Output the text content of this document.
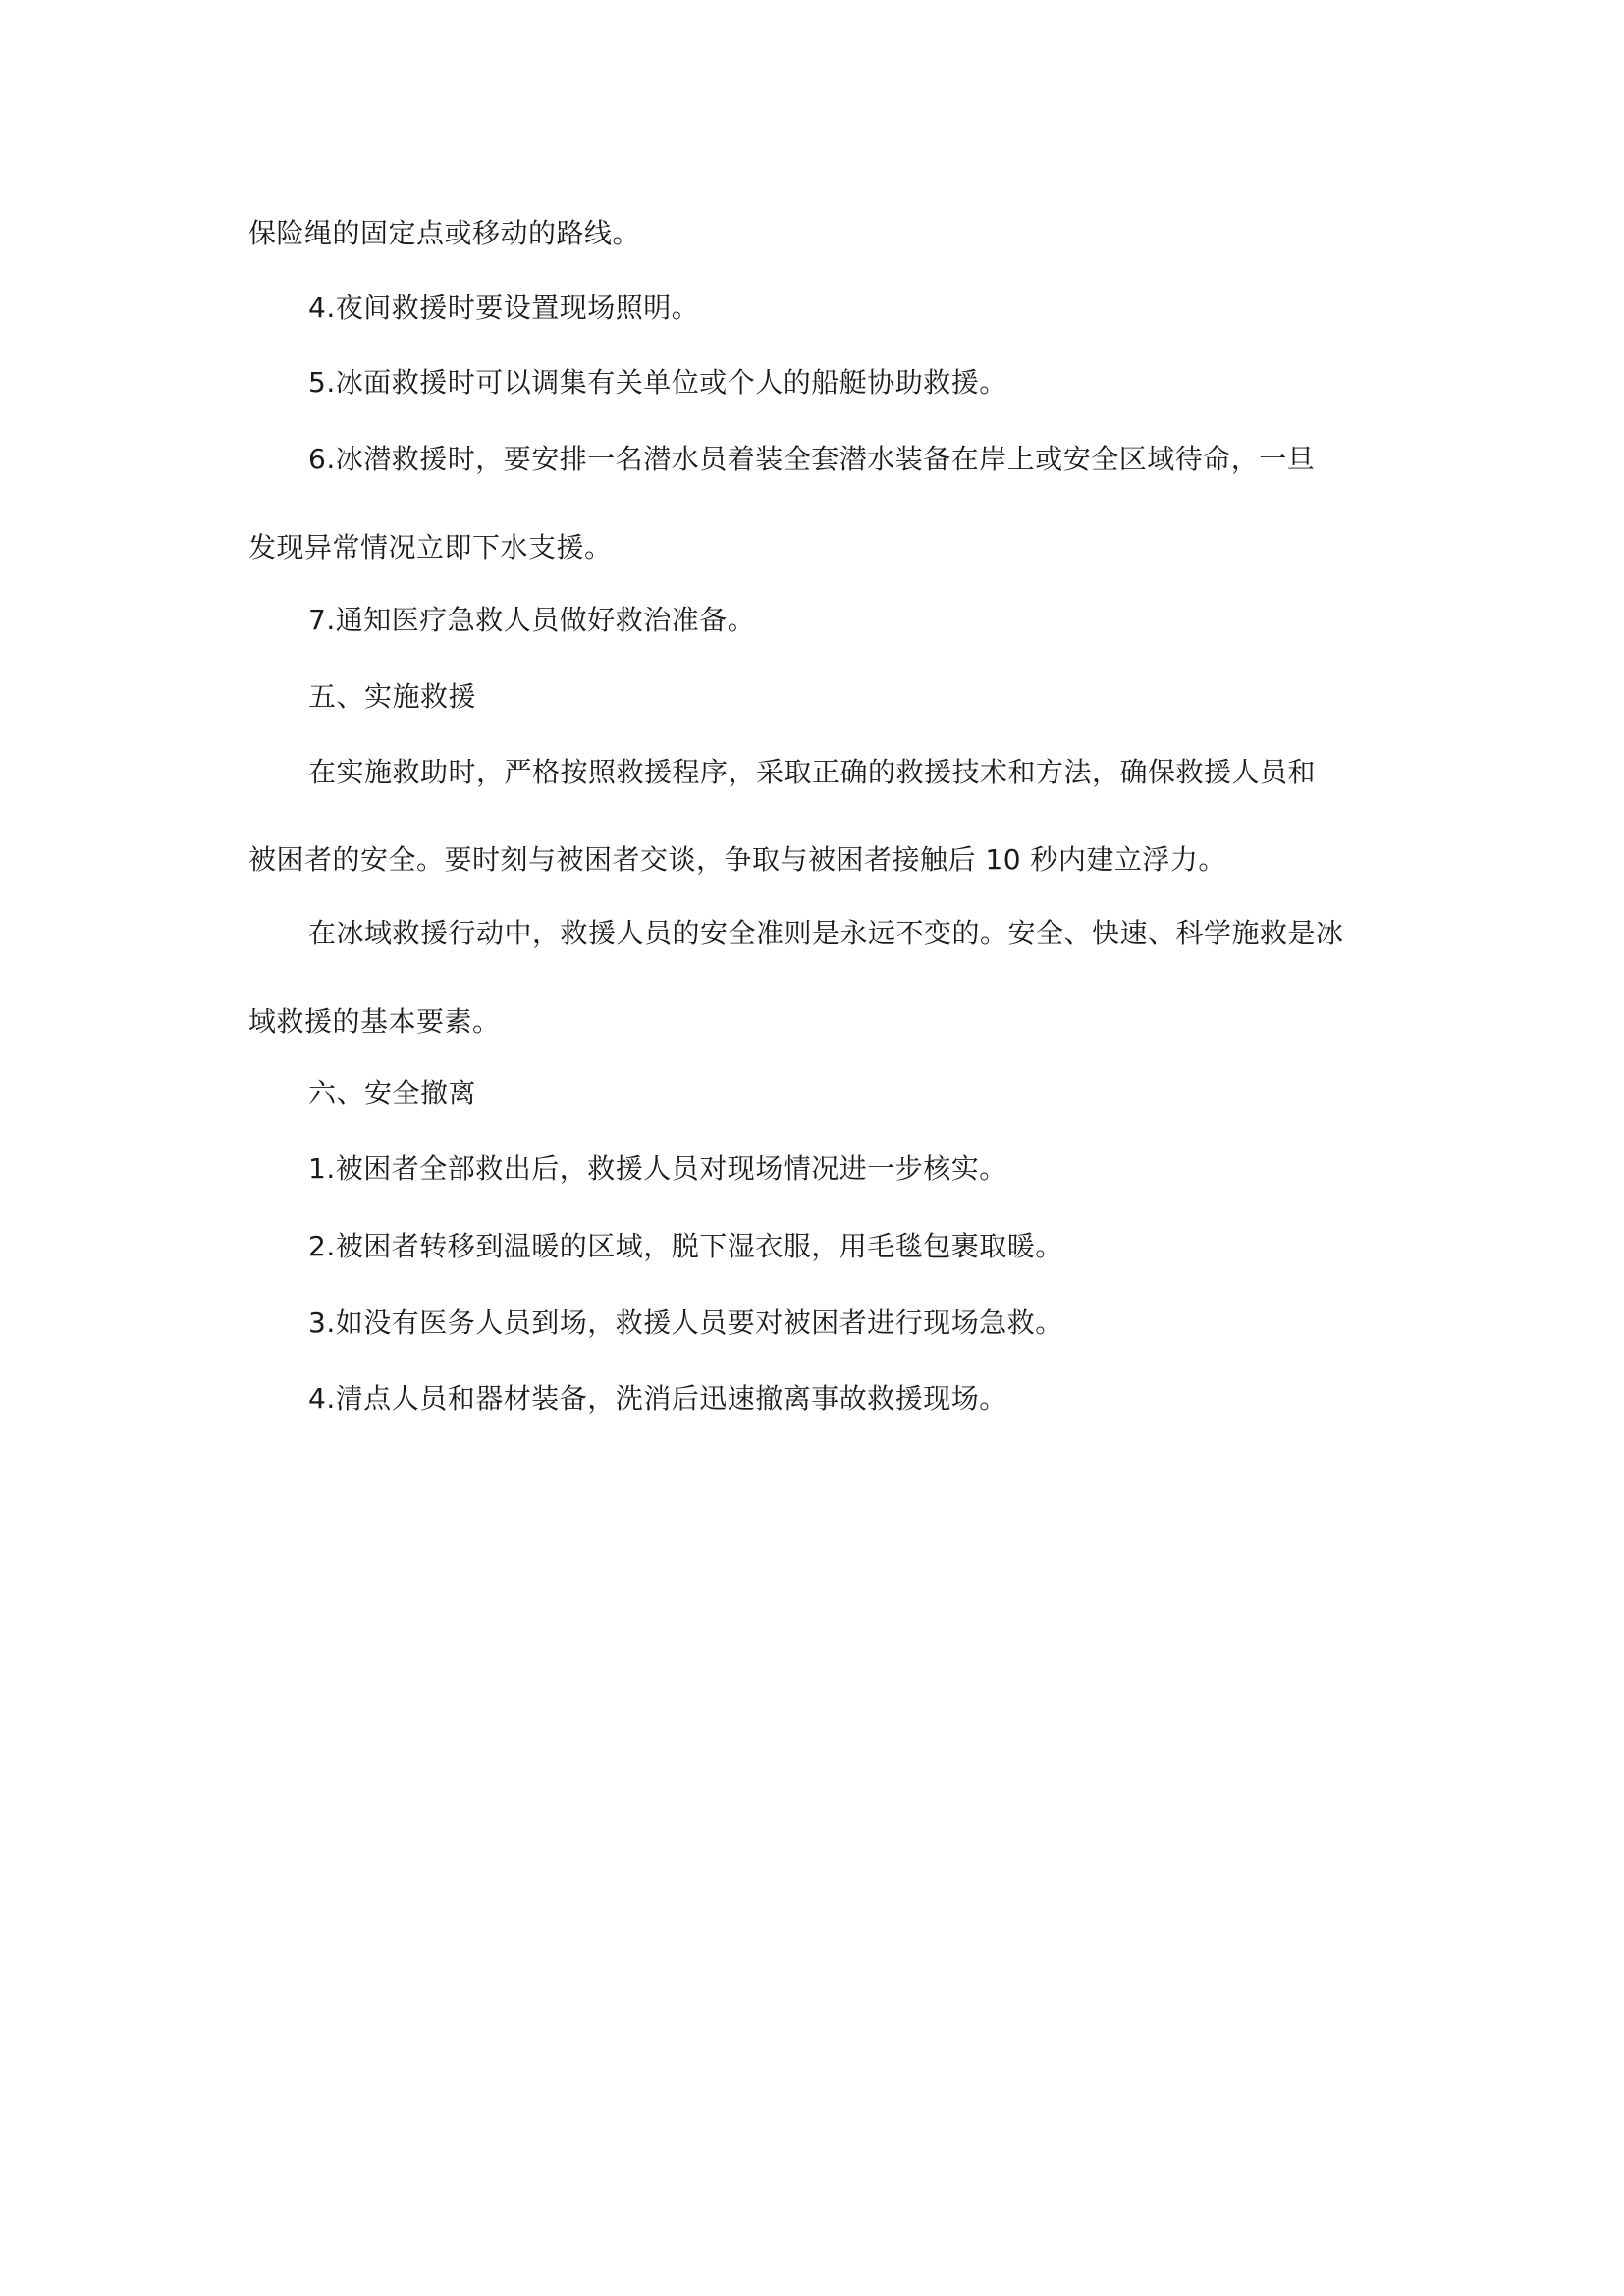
保险绳的固定点或移动的路线。
4.夜间救援时要设置现场照明。
5.冰面救援时可以调集有关单位或个人的船艇协助救援。
6.冰潜救援时，要安排一名潜水员着装全套潜水装备在岸上或安全区域待命，一旦
发现异常情况立即下水支援。
7.通知医疗急救人员做好救治准备。
五、实施救援
在实施救助时，严格按照救援程序，采取正确的救援技术和方法，确保救援人员和
被困者的安全。要时刻与被困者交谈，争取与被困者接触后 10 秒内建立浮力。
在冰域救援行动中，救援人员的安全准则是永远不变的。安全、快速、科学施救是冰
域救援的基本要素。
六、安全撤离
1.被困者全部救出后，救援人员对现场情况进一步核实。
2.被困者转移到温暖的区域，脱下湿衣服，用毛毯包裹取暖。
3.如没有医务人员到场，救援人员要对被困者进行现场急救。
4.清点人员和器材装备，洗消后迅速撤离事故救援现场。
